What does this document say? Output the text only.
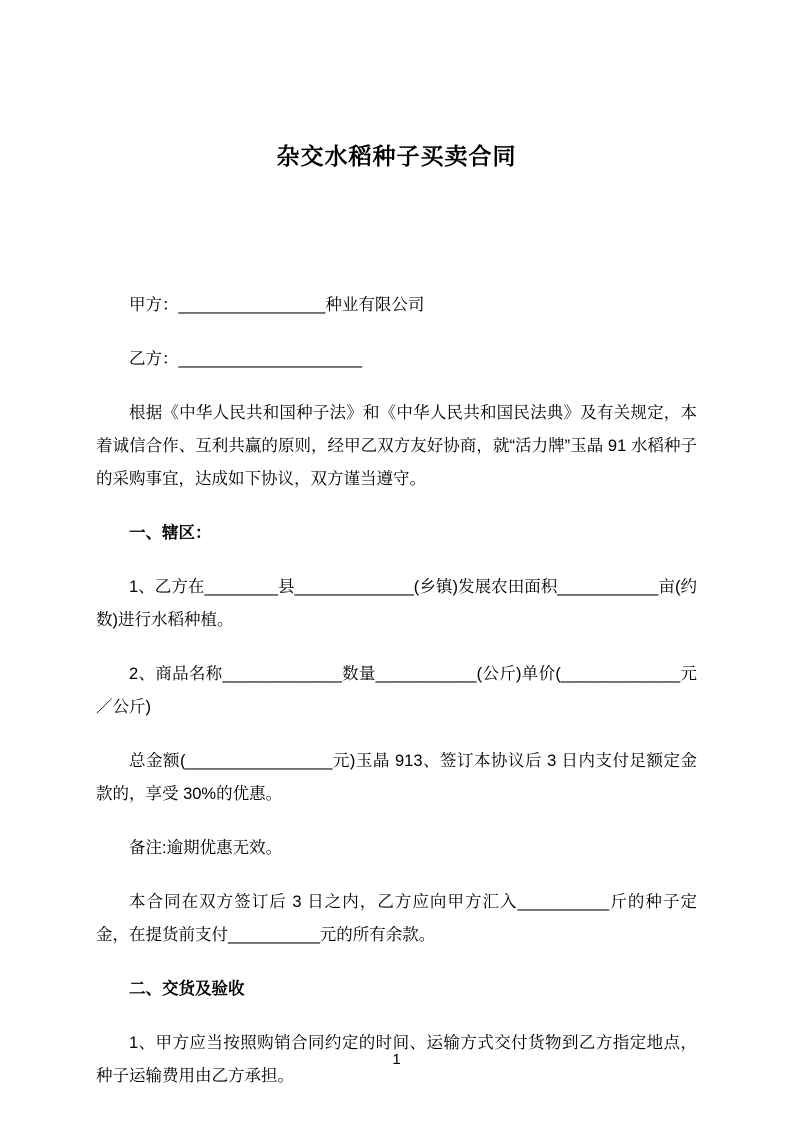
杂交水稻种子买卖合同

甲方：________________种业有限公司

乙方：____________________

根据《中华人民共和国种子法》和《中华人民共和国民法典》及有关规定，本着诚信合作、互利共赢的原则，经甲乙双方友好协商，就“活力牌”玉晶 91 水稻种子的采购事宜，达成如下协议，双方谨当遵守。

一、辖区：

1、乙方在________县_____________(乡镇)发展农田面积___________亩(约数)进行水稻种植。

2、商品名称_____________数量___________(公斤)单价(_____________元／公斤)

总金额(________________元)玉晶 913、签订本协议后 3 日内支付足额定金款的，享受 30%的优惠。

备注:逾期优惠无效。

本合同在双方签订后 3 日之内，乙方应向甲方汇入__________斤的种子定金，在提货前支付__________元的所有余款。

二、交货及验收

1、甲方应当按照购销合同约定的时间、运输方式交付货物到乙方指定地点，种子运输费用由乙方承担。

1
